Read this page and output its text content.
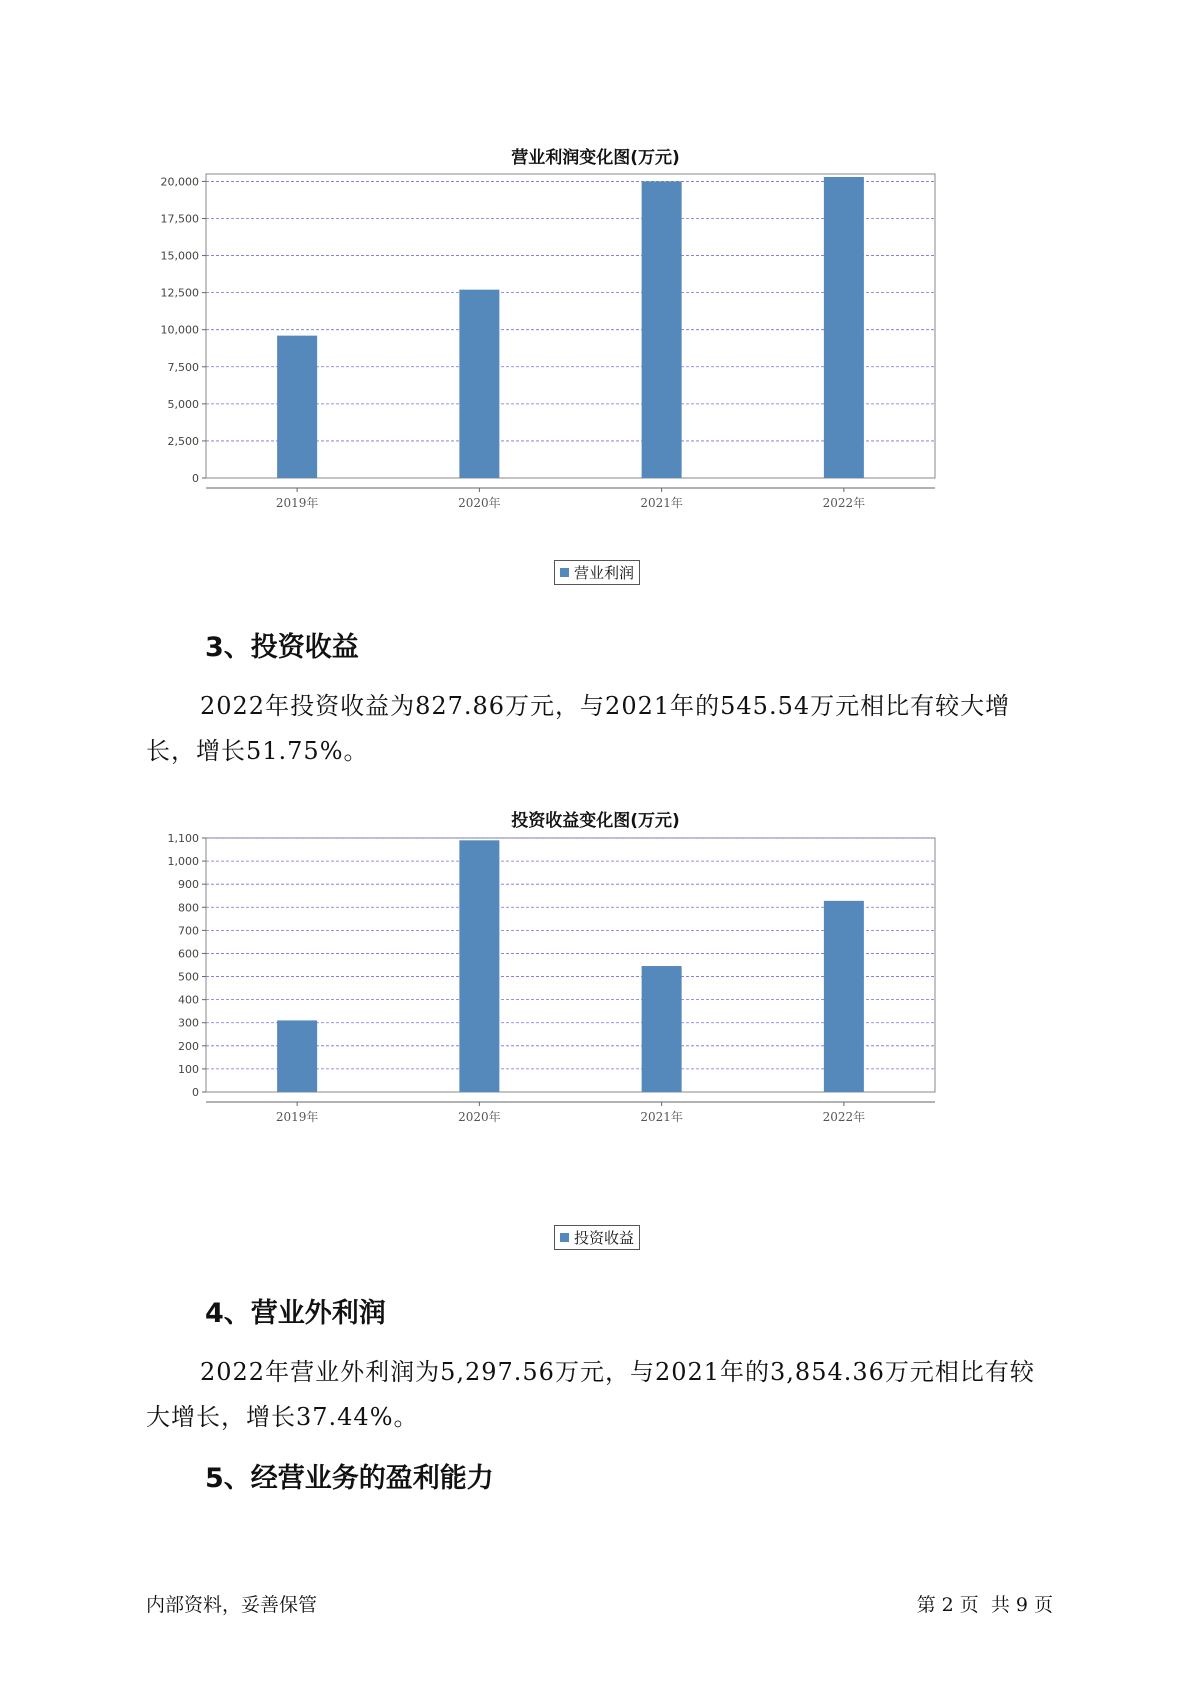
营业利润变化图(万元)
0
2,500
5,000
7,500
10,000
12,500
15,000
17,500
20,000
2019年	2020年	2021年	2022年
营业利润
3、投资收益
2022年投资收益为827.86万元，与2021年的545.54万元相比有较大增长，增长51.75%。
投资收益变化图(万元)
0
100
200
300
400
500
600
700
800
900
1,000
1,100
2019年	2020年	2021年	2022年
投资收益
4、营业外利润
2022年营业外利润为5,297.56万元，与2021年的3,854.36万元相比有较大增长，增长37.44%。
5、经营业务的盈利能力
内部资料，妥善保管	第 2 页  共 9 页
